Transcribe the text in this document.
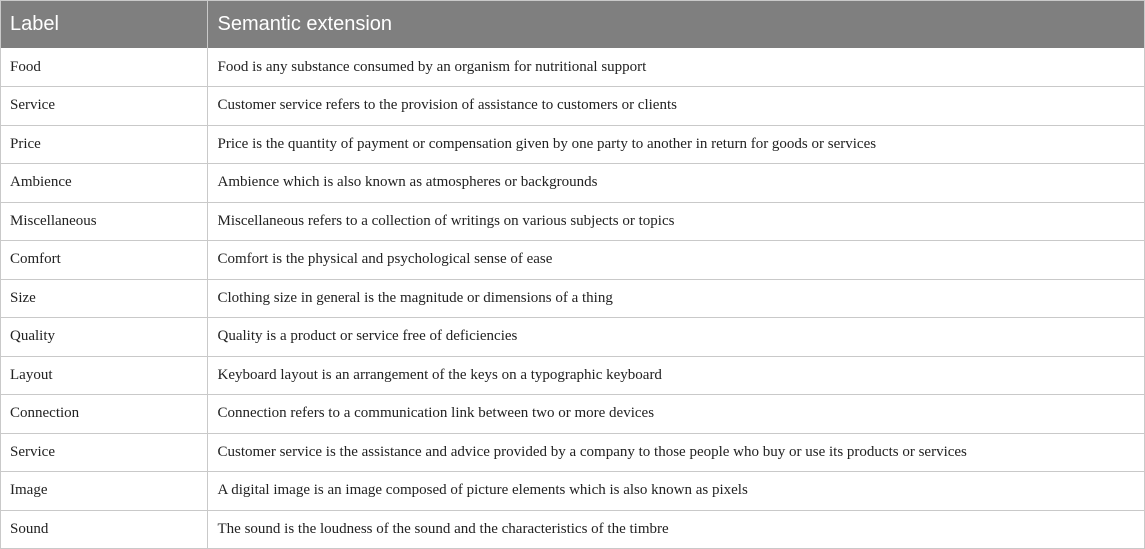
Label	Semantic extension
Food	Food is any substance consumed by an organism for nutritional support
Service	Customer service refers to the provision of assistance to customers or clients
Price	Price is the quantity of payment or compensation given by one party to another in return for goods or services
Ambience	Ambience which is also known as atmospheres or backgrounds
Miscellaneous	Miscellaneous refers to a collection of writings on various subjects or topics
Comfort	Comfort is the physical and psychological sense of ease
Size	Clothing size in general is the magnitude or dimensions of a thing
Quality	Quality is a product or service free of deficiencies
Layout	Keyboard layout is an arrangement of the keys on a typographic keyboard
Connection	Connection refers to a communication link between two or more devices
Service	Customer service is the assistance and advice provided by a company to those people who buy or use its products or services
Image	A digital image is an image composed of picture elements which is also known as pixels
Sound	The sound is the loudness of the sound and the characteristics of the timbre
